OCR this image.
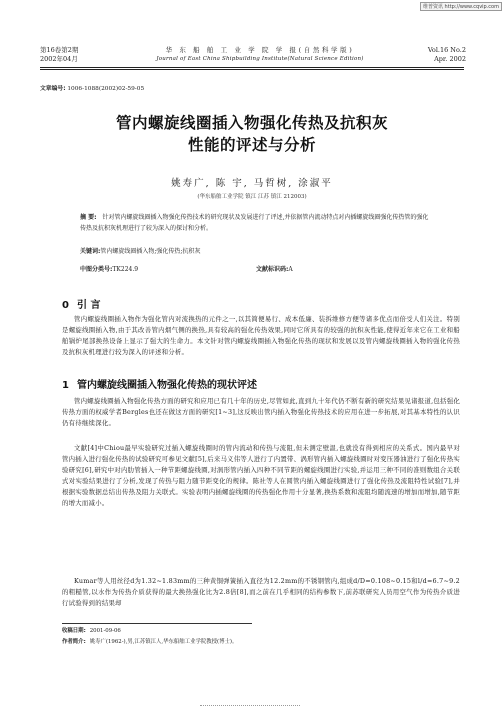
维普资讯 http://www.cqvip.com
第16卷第2期
2002年04月
华 东 船 舶 工 业 学 院 学 报(自然科学版)
Journal of East China Shipbuilding Institute(Natural Science Edition)
Vol.16 No.2
Apr. 2002
文章编号: 1006-1088(2002)02-59-05
管内螺旋线圈插入物强化传热及抗积灰
性能的评述与分析
姚寿广, 陈 宇, 马哲树, 涂淑平
(华东船舶工业学院 镇江 江苏 镇江 212003)
摘 要: 针对管内螺旋线圈插入物强化传热技术的研究现状及发展进行了评述,并依据管内流动特点对内插螺旋线圈强化传热管的强化传热及抗积灰机理进行了较为深入的探讨和分析。
关键词:管内螺旋线圈插入物;强化传热;抗积灰
中图分类号:TK224.9	文献标识码:A
0 引 言
管内螺旋线圈插入物作为强化管内对流换热的元件之一,以其简便易行、成本低廉、装拆维修方便等诸多优点而倍受人们关注。特别是螺旋线圈插入物,由于其改善管内烟气侧的换热,具有较高的强化传热效果,同时它所具有的较强的抗积灰性能,使得近年来它在工业和船舶锅炉尾部换热设备上显示了强大的生命力。本文针对管内螺旋线圈插入物强化传热的现状和发展以及管内螺旋线圈插入物的强化传热及抗积灰机理进行较为深入的评述和分析。
1 管内螺旋线圈插入物强化传热的现状评述
管内螺旋线圈插入物强化传热方面的研究和应用已有几十年的历史,尽管如此,直到九十年代仍不断有新的研究结果见诸报道,包括强化传热方面的权威学者Bergles也还在做这方面的研究[1~3],这反映出管内插入物强化传热技术的应用在进一步拓展,对其基本特性的认识仍有待继续深化。
文献[4]中Chiou最早实验研究过插入螺旋线圈时的管内流动和传热与流阻,但未测定壁温,也就没有得到相应的关系式。国内最早对管内插入进行强化传热的试验研究可参见文献[5],后来马义伟等人进行了内置带、涡形管内插入螺旋线圈时对变压器油进行了强化传热实验研究[6],研究中对内肋管插入一种节距螺旋线圈,对涡形管内插入四种不同节距的螺旋线圈进行实验,并运用三种不同的准则数组合关联式对实验结果进行了分析,发现了传热与阻力随节距变化的规律。陈社等人在圆管内插入螺旋线圈进行了强化传热及流阻特性试验[7],并根据实验数据总结出传热及阻力关联式。实验表明内插螺旋线圈的传热强化作用十分显著,换热系数和流阻均随流速的增加而增加,随节距的增大而减小。
Kumar等人用丝径d为1.32~1.83mm的三种黄铜弹簧插入直径为12.2mm的不锈钢管内,组成d/D=0.108~0.15和l/d=6.7~9.2的粗糙管,以水作为传热介质获得的最大换热强化比为2.8倍[8],而之前在几乎相同的结构参数下,前苏联研究人员用空气作为传热介质进行试验得到的结果却
收稿日期: 2001-09-06
作者简介: 姚寿广(1962-),男,江苏镇江人,华东船舶工业学院教授(博士)。
